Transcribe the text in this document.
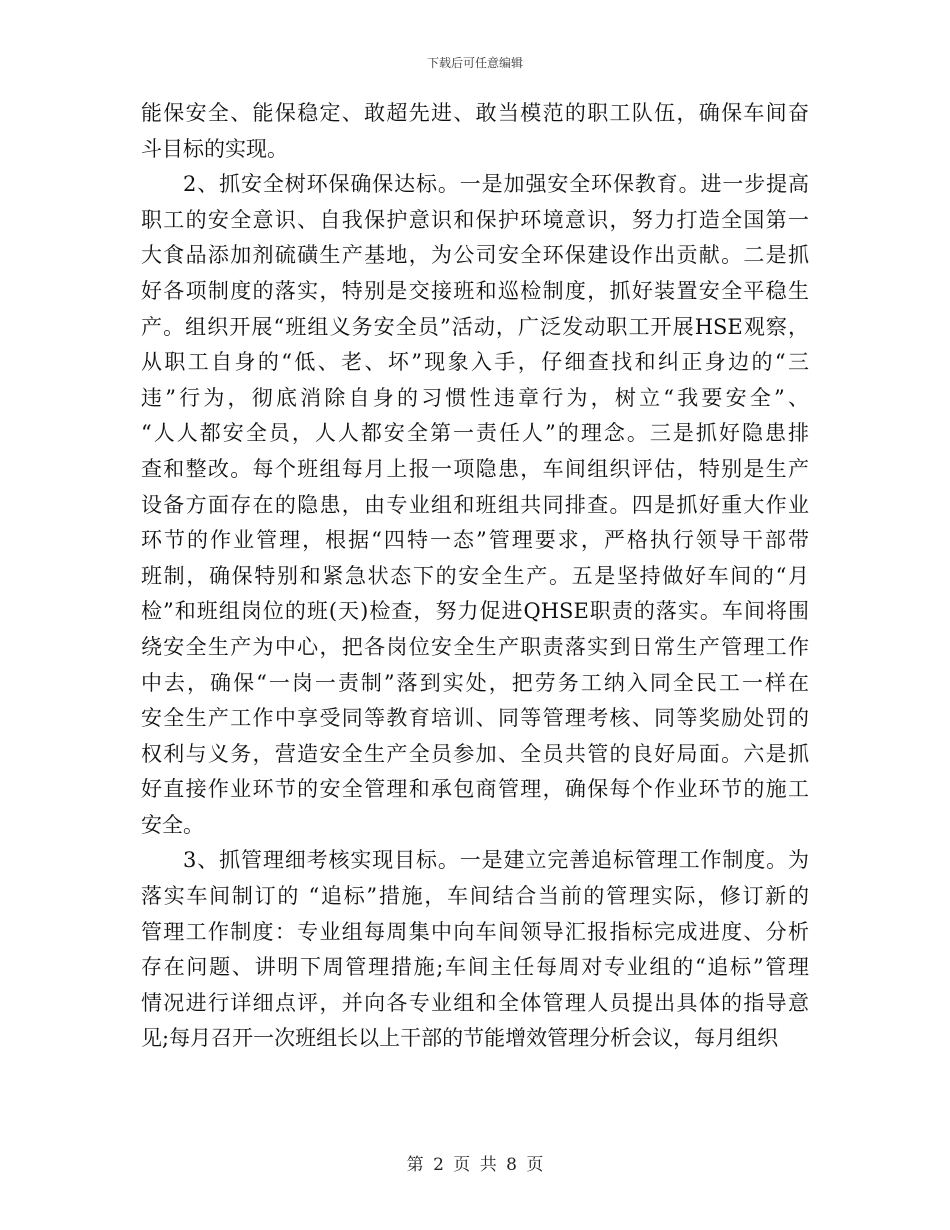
下载后可任意编辑
能保安全、能保稳定、敢超先进、敢当模范的职工队伍，确保车间奋
斗目标的实现。
2、抓安全树环保确保达标。一是加强安全环保教育。进一步提高
职工的安全意识、自我保护意识和保护环境意识，努力打造全国第一
大食品添加剂硫磺生产基地，为公司安全环保建设作出贡献。二是抓
好各项制度的落实，特别是交接班和巡检制度，抓好装置安全平稳生
产。组织开展“班组义务安全员”活动，广泛发动职工开展HSE观察，
从职工自身的“低、老、坏”现象入手，仔细查找和纠正身边的“三
违”行为，彻底消除自身的习惯性违章行为，树立“我要安全”、
“人人都安全员，人人都安全第一责任人”的理念。三是抓好隐患排
查和整改。每个班组每月上报一项隐患，车间组织评估，特别是生产
设备方面存在的隐患，由专业组和班组共同排查。四是抓好重大作业
环节的作业管理，根据“四特一态”管理要求，严格执行领导干部带
班制，确保特别和紧急状态下的安全生产。五是坚持做好车间的“月
检”和班组岗位的班(天)检查，努力促进QHSE职责的落实。车间将围
绕安全生产为中心，把各岗位安全生产职责落实到日常生产管理工作
中去，确保“一岗一责制”落到实处，把劳务工纳入同全民工一样在
安全生产工作中享受同等教育培训、同等管理考核、同等奖励处罚的
权利与义务，营造安全生产全员参加、全员共管的良好局面。六是抓
好直接作业环节的安全管理和承包商管理，确保每个作业环节的施工
安全。
3、抓管理细考核实现目标。一是建立完善追标管理工作制度。为
落实车间制订的 “追标”措施，车间结合当前的管理实际，修订新的
管理工作制度：专业组每周集中向车间领导汇报指标完成进度、分析
存在问题、讲明下周管理措施;车间主任每周对专业组的“追标”管理
情况进行详细点评，并向各专业组和全体管理人员提出具体的指导意
见;每月召开一次班组长以上干部的节能增效管理分析会议，每月组织
第 2 页 共 8 页
